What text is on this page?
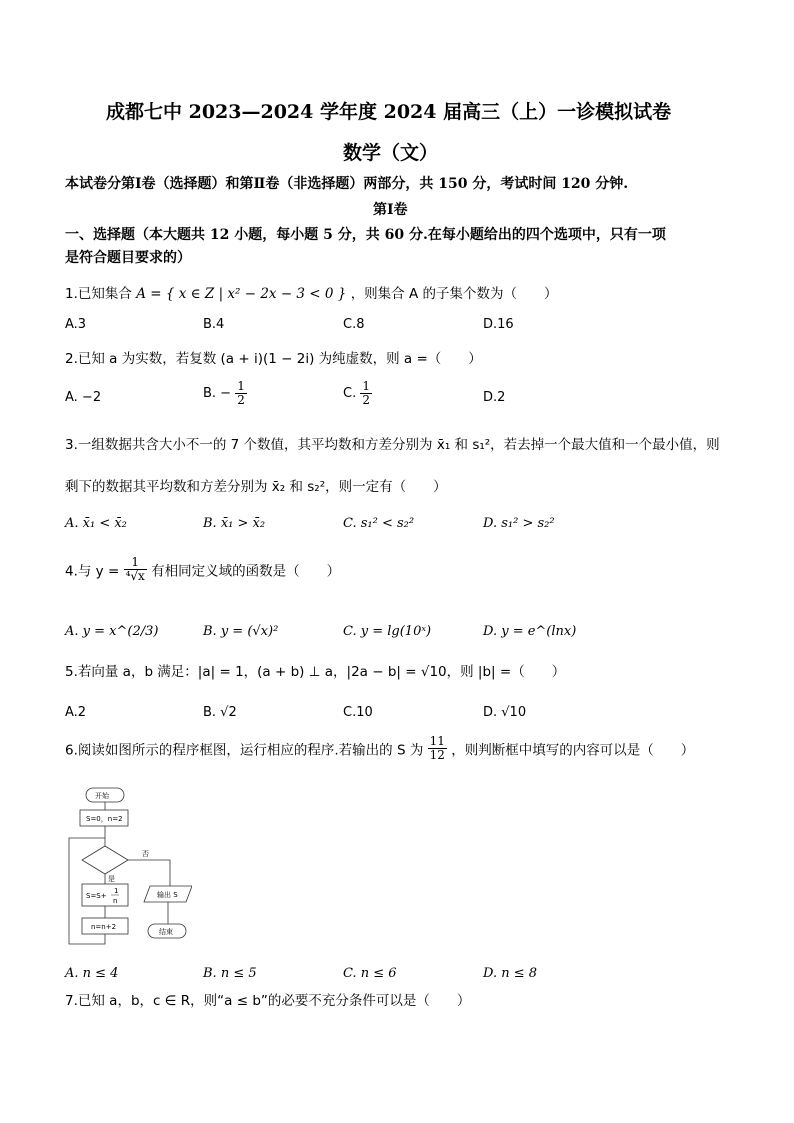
成都七中 2023—2024 学年度 2024 届高三（上）一诊模拟试卷
数学（文）
本试卷分第Ⅰ卷（选择题）和第Ⅱ卷（非选择题）两部分，共 150 分，考试时间 120 分钟.
第Ⅰ卷
一、选择题（本大题共 12 小题，每小题 5 分，共 60 分.在每小题给出的四个选项中，只有一项
是符合题目要求的）
1.已知集合 A = { x ∈ Z | x² − 2x − 3 < 0 } ，则集合 A 的子集个数为（　　）
A.3	B.4	C.8	D.16
2.已知 a 为实数，若复数 (a + i)(1 − 2i) 为纯虚数，则 a =（　　）
A. −2	B. − $\frac{1}{2}$	C. $\frac{1}{2}$	D.2
3.一组数据共含大小不一的 7 个数值，其平均数和方差分别为 x̄₁ 和 s₁²，若去掉一个最大值和一个最小值，则
剩下的数据其平均数和方差分别为 x̄₂ 和 s₂²，则一定有（　　）
A. x̄₁ < x̄₂	B. x̄₁ > x̄₂	C. s₁² < s₂²	D. s₁² > s₂²
4.与 $y = \frac{1}{\text{⁴√x}}$ 有相同定义域的函数是（　　）
A. y = x^(2/3)	B. y = (√x)²	C. y = lg(10ˣ)	D. y = e^(lnx)
5.若向量 a，b 满足：|a| = 1，(a + b) ⊥ a，|2a − b| = √10，则 |b| =（　　）
A.2	B. √2	C.10	D. √10
6.阅读如图所示的程序框图，运行相应的程序.若输出的 S 为 $\frac{11}{12}$ ，则判断框中填写的内容可以是（　　）
开始
S=0，n=2
否
是
S=S+
1
n
n=n+2
输出 S
结束
A. n ≤ 4	B. n ≤ 5	C. n ≤ 6	D. n ≤ 8
7.已知 a，b，c ∈ R，则“a ≤ b”的必要不充分条件可以是（　　）
